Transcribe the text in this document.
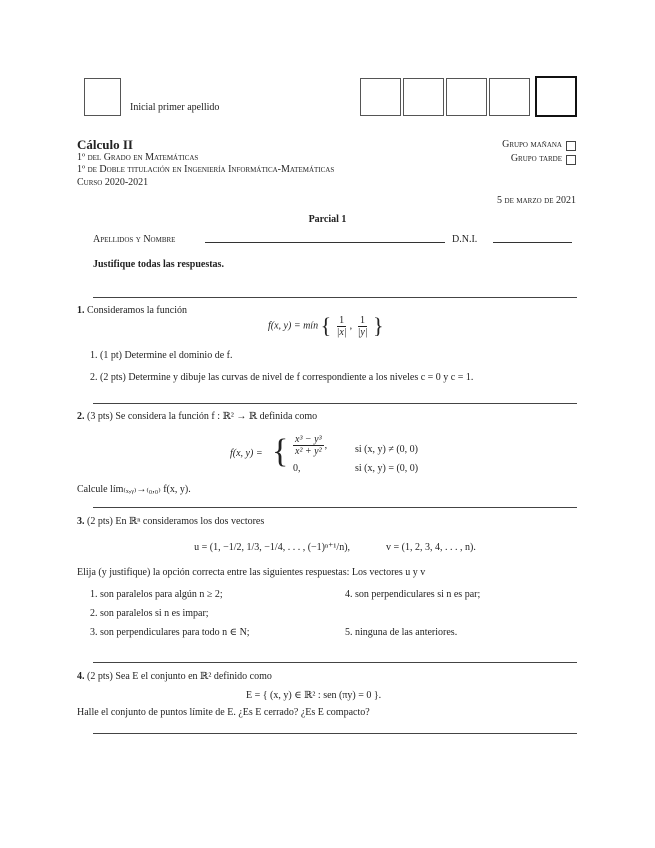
Inicial primer apellido
Cálculo II
1º del Grado en Matemáticas
1º de Doble titulación en Ingeniería Informática-Matemáticas
Curso 2020-2021
Grupo mañana
Grupo tarde
5 de marzo de 2021
Parcial 1
Apellidos y Nombre	D.N.I.
Justifique todas las respuestas.
1. Consideramos la función
f(x, y) = mín { $\frac{1}{|x|}$ , $\frac{1}{|y|}$ }
1. (1 pt) Determine el dominio de f.
2. (2 pts) Determine y dibuje las curvas de nivel de f correspondiente a los niveles c = 0 y c = 1.
2. (3 pts) Se considera la función f : ℝ² → ℝ definida como
f(x, y) = { $\frac{\text{x³ − y³}}{\text{x² + y²}}$ ,	si (x, y) ≠ (0, 0)
0,	si (x, y) = (0, 0)
Calcule lím₍ₓ,ᵧ₎→₍₀,₀₎ f(x, y).
3. (2 pts) En ℝⁿ consideramos los dos vectores
u = (1, −1/2, 1/3, −1/4, . . . , (−1)ⁿ⁺¹/n),	v = (1, 2, 3, 4, . . . , n).
Elija (y justifique) la opción correcta entre las siguientes respuestas: Los vectores u y v
1. son paralelos para algún n ≥ 2;
2. son paralelos si n es impar;
3. son perpendiculares para todo n ∈ N;
4. son perpendiculares si n es par;
5. ninguna de las anteriores.
4. (2 pts) Sea E el conjunto en ℝ² definido como
E = { (x, y) ∈ ℝ² : sen (πy) = 0 }.
Halle el conjunto de puntos límite de E. ¿Es E cerrado? ¿Es E compacto?
